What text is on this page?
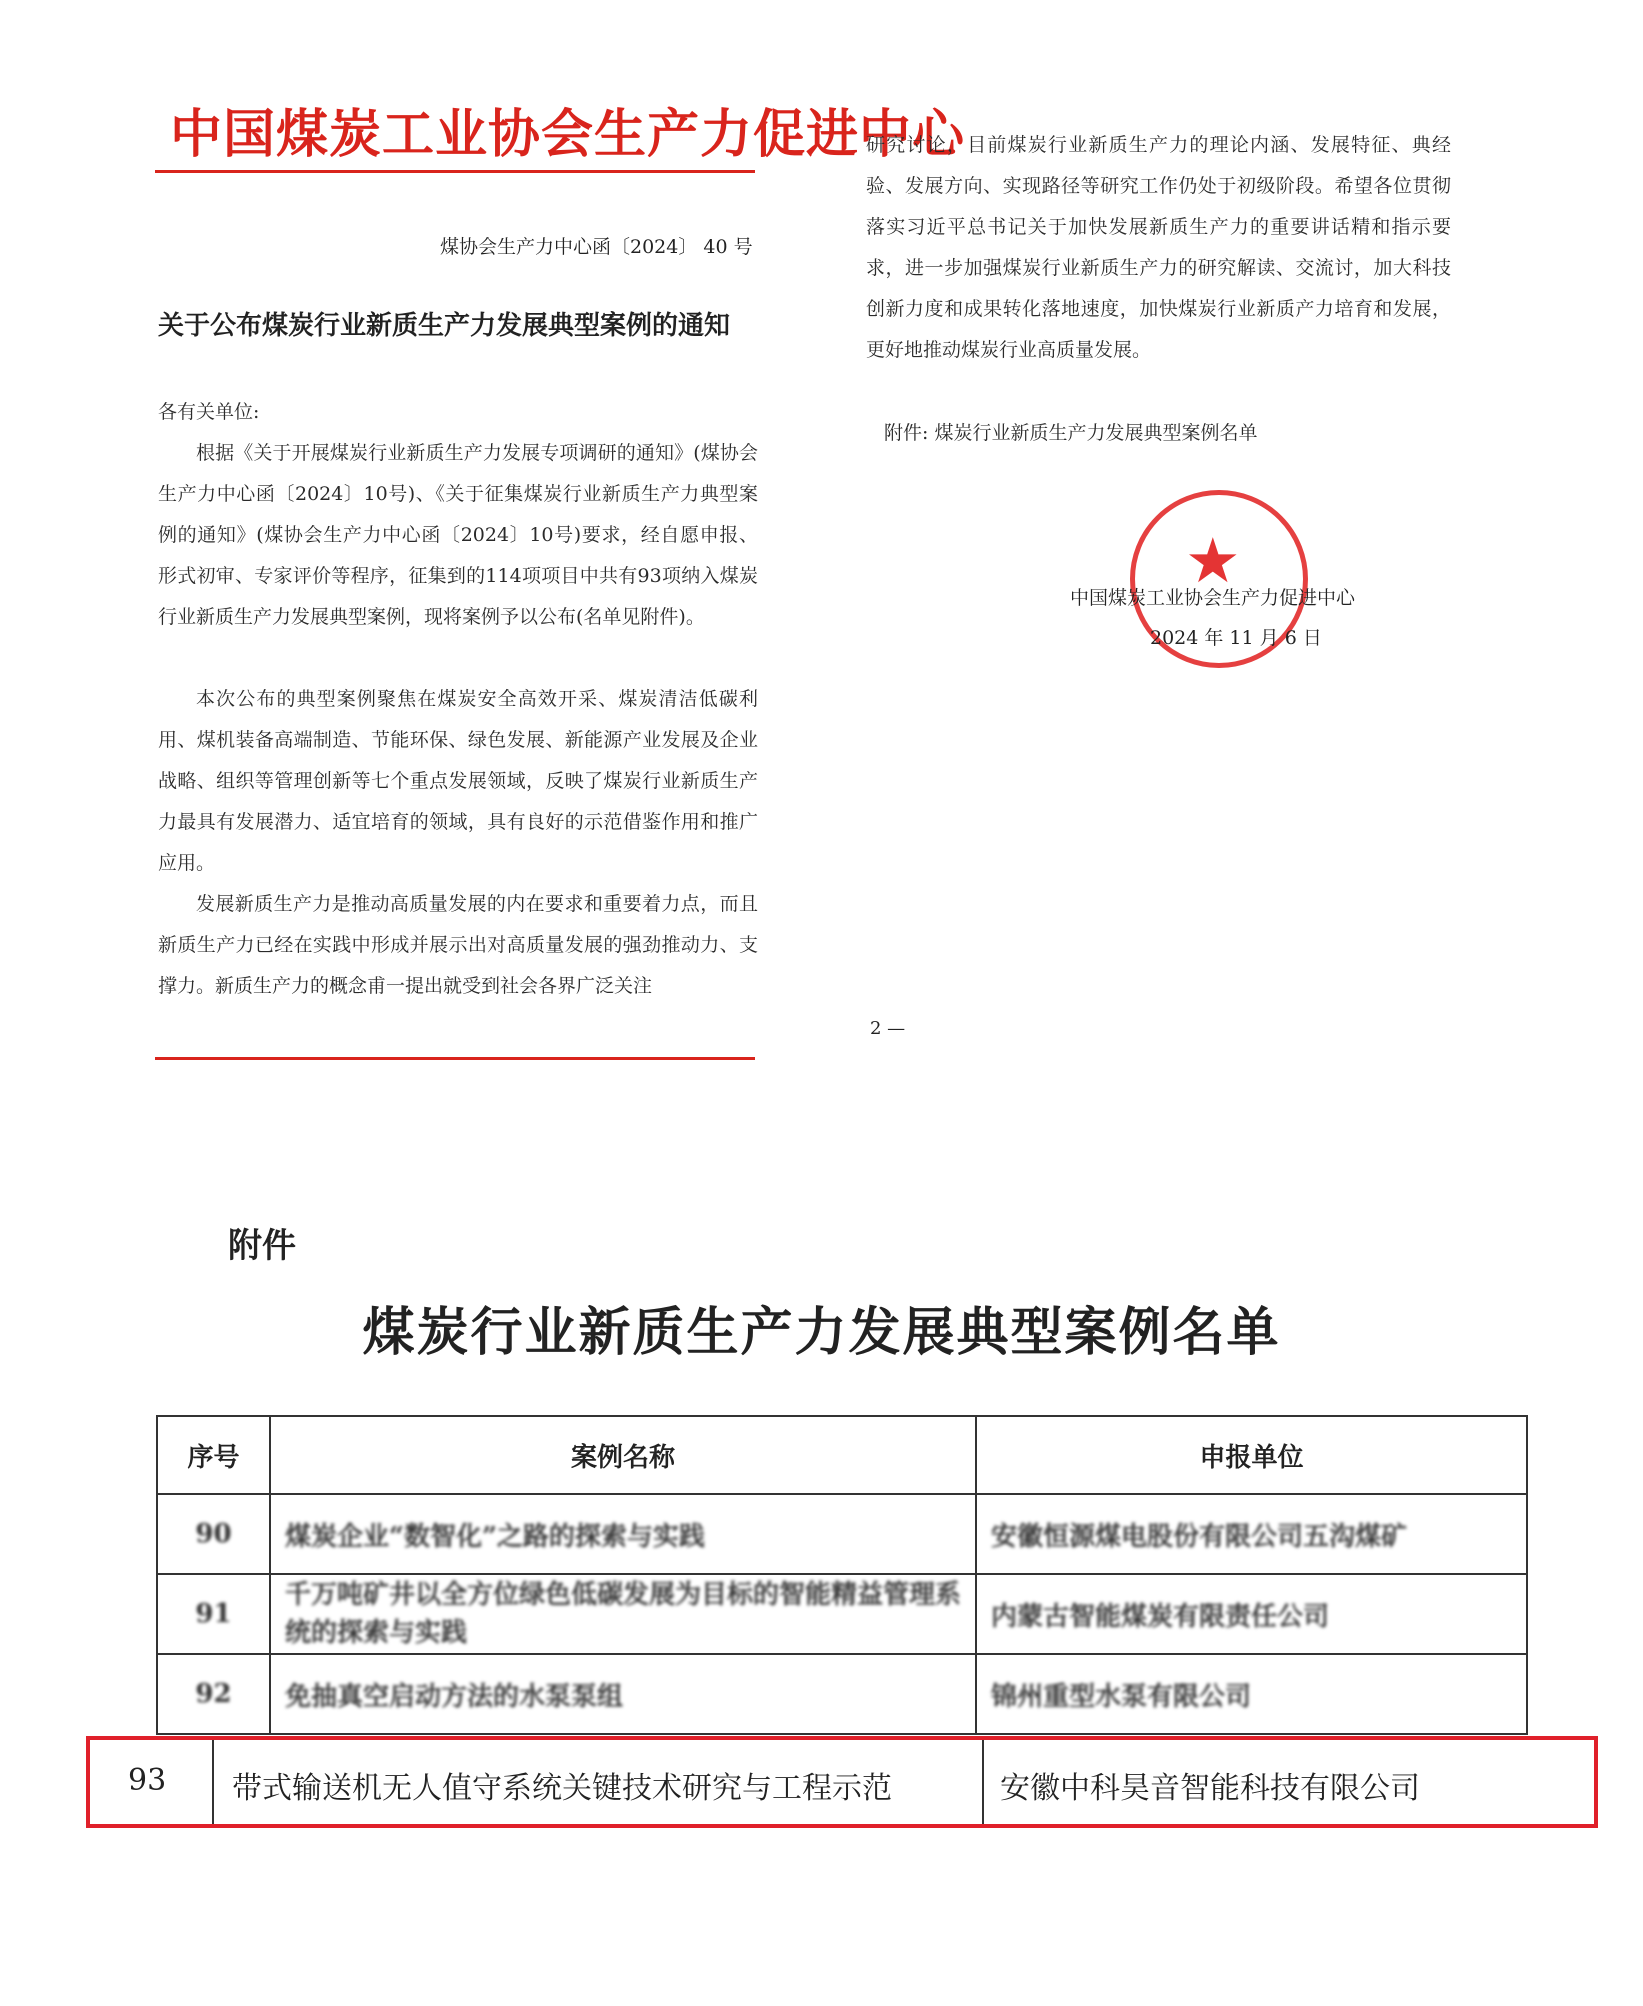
中国煤炭工业协会生产力促进中心
煤协会生产力中心函〔2024〕 40 号
关于公布煤炭行业新质生产力发展典型案例的通知
各有关单位:
根据《关于开展煤炭行业新质生产力发展专项调研的通知》(煤协会生产力中心函〔2024〕10号)、《关于征集煤炭行业新质生产力典型案例的通知》(煤协会生产力中心函〔2024〕10号)要求，经自愿申报、形式初审、专家评价等程序，征集到的114项项目中共有93项纳入煤炭行业新质生产力发展典型案例，现将案例予以公布(名单见附件)。
本次公布的典型案例聚焦在煤炭安全高效开采、煤炭清洁低碳利用、煤机装备高端制造、节能环保、绿色发展、新能源产业发展及企业战略、组织等管理创新等七个重点发展领域，反映了煤炭行业新质生产力最具有发展潜力、适宜培育的领域，具有良好的示范借鉴作用和推广应用。
发展新质生产力是推动高质量发展的内在要求和重要着力点，而且新质生产力已经在实践中形成并展示出对高质量发展的强劲推动力、支撑力。新质生产力的概念甫一提出就受到社会各界广泛关注
2 —
研究讨论，目前煤炭行业新质生产力的理论内涵、发展特征、典经验、发展方向、实现路径等研究工作仍处于初级阶段。希望各位贯彻落实习近平总书记关于加快发展新质生产力的重要讲话精和指示要求，进一步加强煤炭行业新质生产力的研究解读、交流讨，加大科技创新力度和成果转化落地速度，加快煤炭行业新质产力培育和发展，更好地推动煤炭行业高质量发展。
附件: 煤炭行业新质生产力发展典型案例名单
★
中国煤炭工业协会生产力促进中心
2024 年 11 月 6 日
附件
煤炭行业新质生产力发展典型案例名单
序号	案例名称	申报单位
90	煤炭企业“数智化”之路的探索与实践	安徽恒源煤电股份有限公司五沟煤矿
91	千万吨矿井以全方位绿色低碳发展为目标的智能精益管理系统的探索与实践	内蒙古智能煤炭有限责任公司
92	免抽真空启动方法的水泵泵组	锦州重型水泵有限公司
93 带式输送机无人值守系统关键技术研究与工程示范	安徽中科昊音智能科技有限公司
